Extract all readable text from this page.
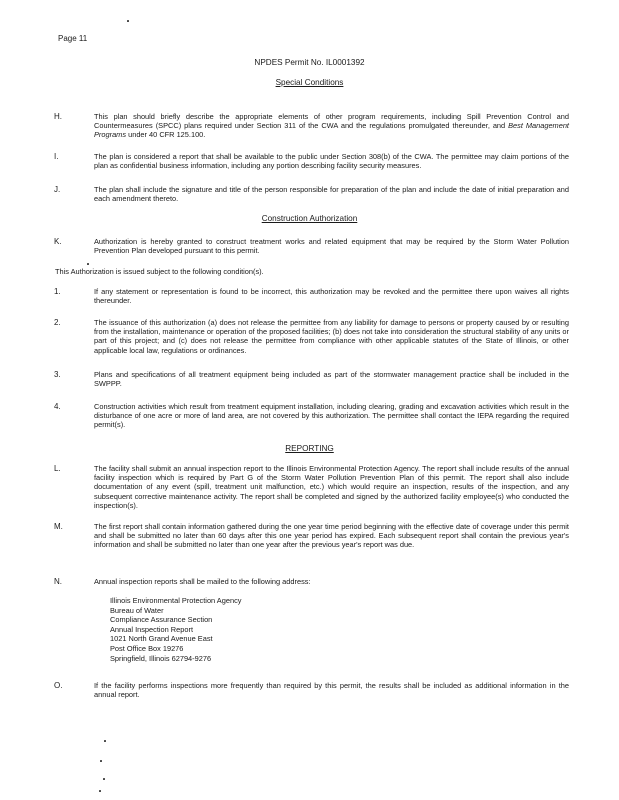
Page 11
NPDES Permit No. IL0001392
Special Conditions
H.	This plan should briefly describe the appropriate elements of other program requirements, including Spill Prevention Control and Countermeasures (SPCC) plans required under Section 311 of the CWA and the regulations promulgated thereunder, and Best Management Programs under 40 CFR 125.100.
I.	The plan is considered a report that shall be available to the public under Section 308(b) of the CWA. The permittee may claim portions of the plan as confidential business information, including any portion describing facility security measures.
J.	The plan shall include the signature and title of the person responsible for preparation of the plan and include the date of initial preparation and each amendment thereto.
Construction Authorization
K.	Authorization is hereby granted to construct treatment works and related equipment that may be required by the Storm Water Pollution Prevention Plan developed pursuant to this permit.
This Authorization is issued subject to the following condition(s).
1.	If any statement or representation is found to be incorrect, this authorization may be revoked and the permittee there upon waives all rights thereunder.
2.	The issuance of this authorization (a) does not release the permittee from any liability for damage to persons or property caused by or resulting from the installation, maintenance or operation of the proposed facilities; (b) does not take into consideration the structural stability of any units or part of this project; and (c) does not release the permittee from compliance with other applicable statutes of the State of Illinois, or other applicable local law, regulations or ordinances.
3.	Plans and specifications of all treatment equipment being included as part of the stormwater management practice shall be included in the SWPPP.
4.	Construction activities which result from treatment equipment installation, including clearing, grading and excavation activities which result in the disturbance of one acre or more of land area, are not covered by this authorization. The permittee shall contact the IEPA regarding the required permit(s).
REPORTING
L.	The facility shall submit an annual inspection report to the Illinois Environmental Protection Agency. The report shall include results of the annual facility inspection which is required by Part G of the Storm Water Pollution Prevention Plan of this permit. The report shall also include documentation of any event (spill, treatment unit malfunction, etc.) which would require an inspection, results of the inspection, and any subsequent corrective maintenance activity. The report shall be completed and signed by the authorized facility employee(s) who conducted the inspection(s).
M.	The first report shall contain information gathered during the one year time period beginning with the effective date of coverage under this permit and shall be submitted no later than 60 days after this one year period has expired. Each subsequent report shall contain the previous year's information and shall be submitted no later than one year after the previous year's report was due.
N.	Annual inspection reports shall be mailed to the following address:
Illinois Environmental Protection Agency
Bureau of Water
Compliance Assurance Section
Annual Inspection Report
1021 North Grand Avenue East
Post Office Box 19276
Springfield, Illinois 62794-9276
O.	If the facility performs inspections more frequently than required by this permit, the results shall be included as additional information in the annual report.
